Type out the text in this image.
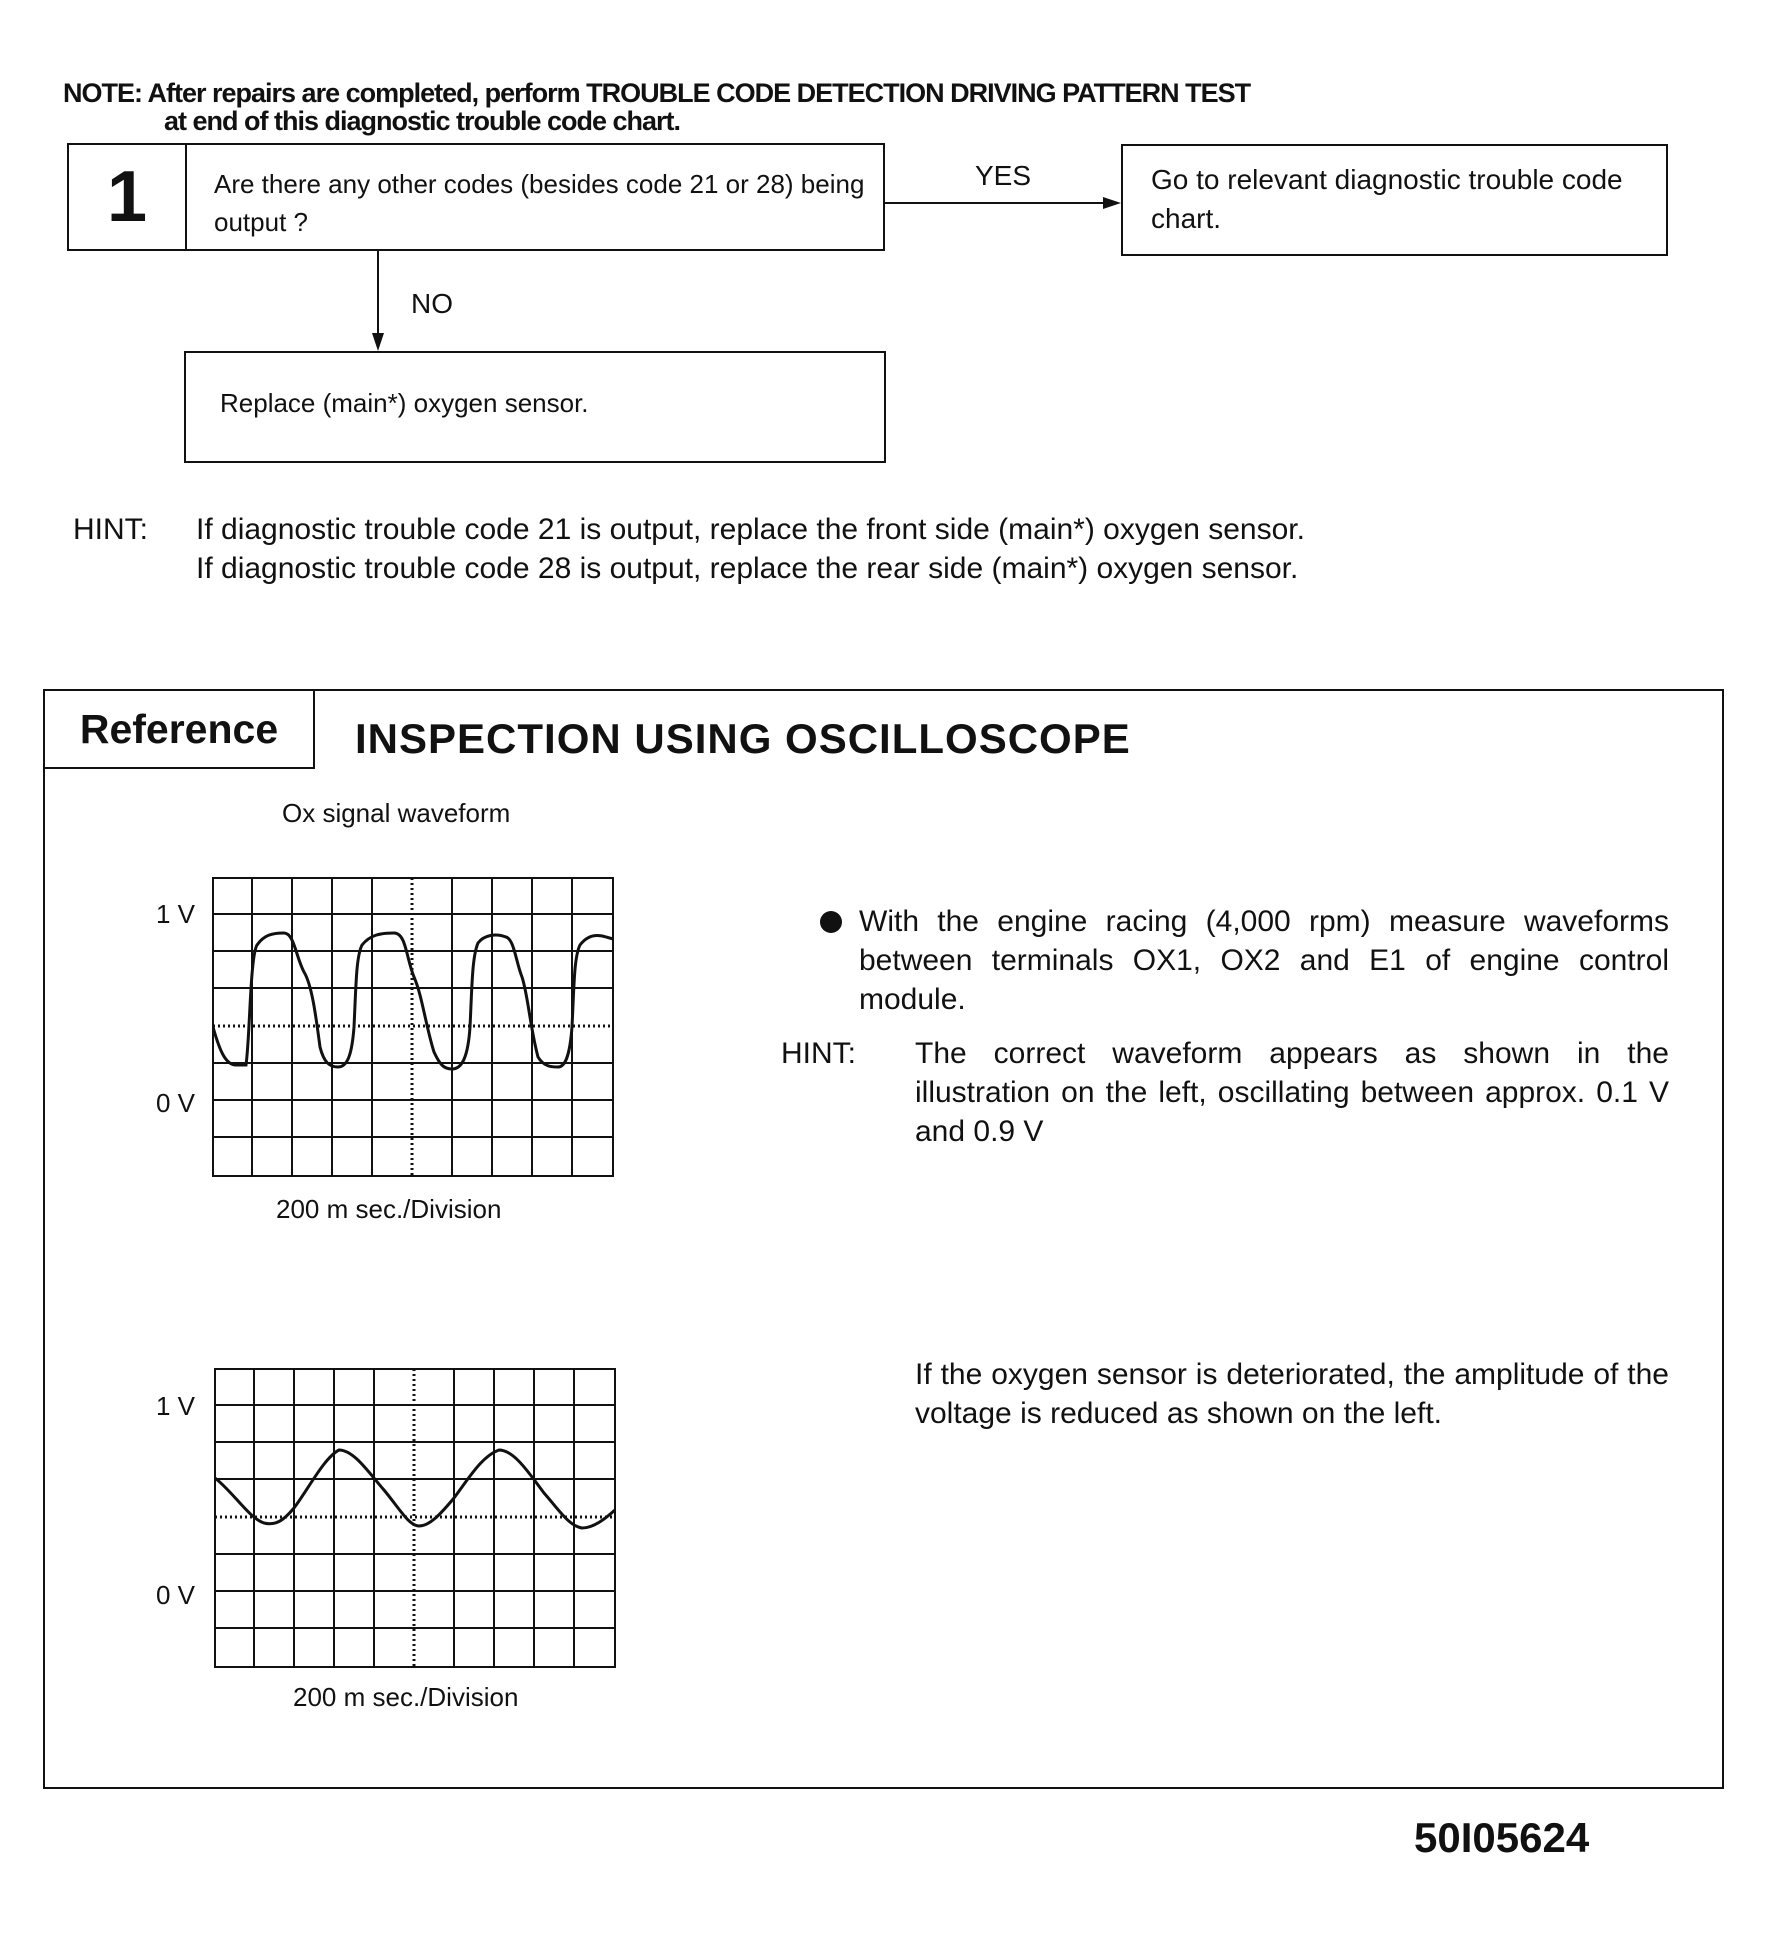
NOTE: After repairs are completed, perform TROUBLE CODE DETECTION DRIVING PATTERN TEST
at end of this diagnostic trouble code chart.
1	Are there any other codes (besides code 21 or 28) being output ?
YES	Go to relevant diagnostic trouble code chart.
NO
Replace (main*) oxygen sensor.
HINT: If diagnostic trouble code 21 is output, replace the front side (main*) oxygen sensor.
If diagnostic trouble code 28 is output, replace the rear side (main*) oxygen sensor.
Reference	INSPECTION USING OSCILLOSCOPE
Ox signal waveform
1 V
0 V
200 m sec./Division
1 V
0 V
200 m sec./Division
With the engine racing (4,000 rpm) measure waveforms between terminals OX1, OX2 and E1 of engine control module.
HINT: The correct waveform appears as shown in the illustration on the left, oscillating between approx. 0.1 V and 0.9 V
If the oxygen sensor is deteriorated, the amplitude of the voltage is reduced as shown on the left.
50I05624
